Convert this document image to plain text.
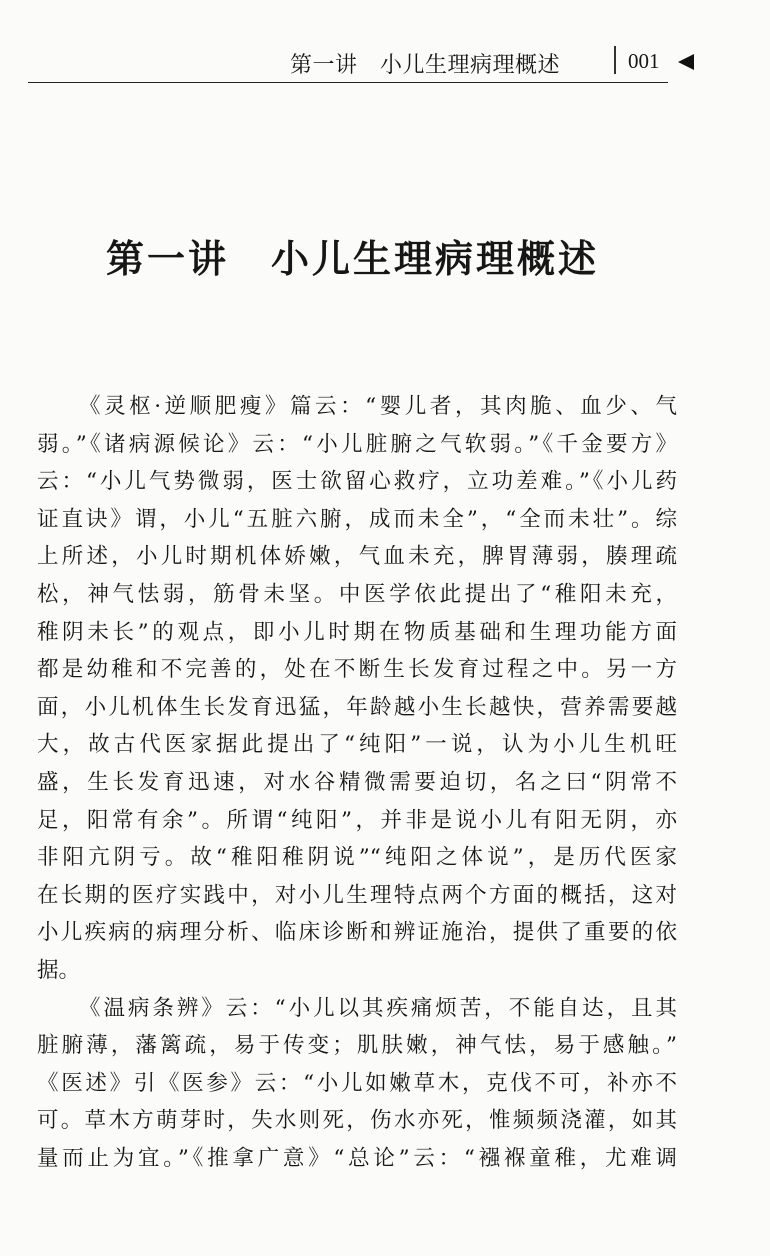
第一讲　小儿生理病理概述	001
第一讲 小儿生理病理概述

《灵枢·逆顺肥瘦》篇云：“婴儿者，其肉脆、血少、气

弱。”《诸病源候论》云：“小儿脏腑之气软弱。”《千金要方》

云：“小儿气势微弱，医士欲留心救疗，立功差难。”《小儿药

证直诀》谓，小儿“五脏六腑，成而未全”，“全而未壮”。综

上所述，小儿时期机体娇嫩，气血未充，脾胃薄弱，腠理疏

松，神气怯弱，筋骨未坚。中医学依此提出了“稚阳未充，

稚阴未长”的观点，即小儿时期在物质基础和生理功能方面

都是幼稚和不完善的，处在不断生长发育过程之中。另一方

面，小儿机体生长发育迅猛，年龄越小生长越快，营养需要越

大，故古代医家据此提出了“纯阳”一说，认为小儿生机旺

盛，生长发育迅速，对水谷精微需要迫切，名之曰“阴常不

足，阳常有余”。所谓“纯阳”，并非是说小儿有阳无阴，亦

非阳亢阴亏。故“稚阳稚阴说”“纯阳之体说”，是历代医家

在长期的医疗实践中，对小儿生理特点两个方面的概括，这对

小儿疾病的病理分析、临床诊断和辨证施治，提供了重要的依

据。

《温病条辨》云：“小儿以其疾痛烦苦，不能自达，且其

脏腑薄，藩篱疏，易于传变；肌肤嫩，神气怯，易于感触。”

《医述》引《医参》云：“小儿如嫩草木，克伐不可，补亦不

可。草木方萌芽时，失水则死，伤水亦死，惟频频浇灌，如其

量而止为宜。”《推拿广意》“总论”云：“襁褓童稚，尤难调
